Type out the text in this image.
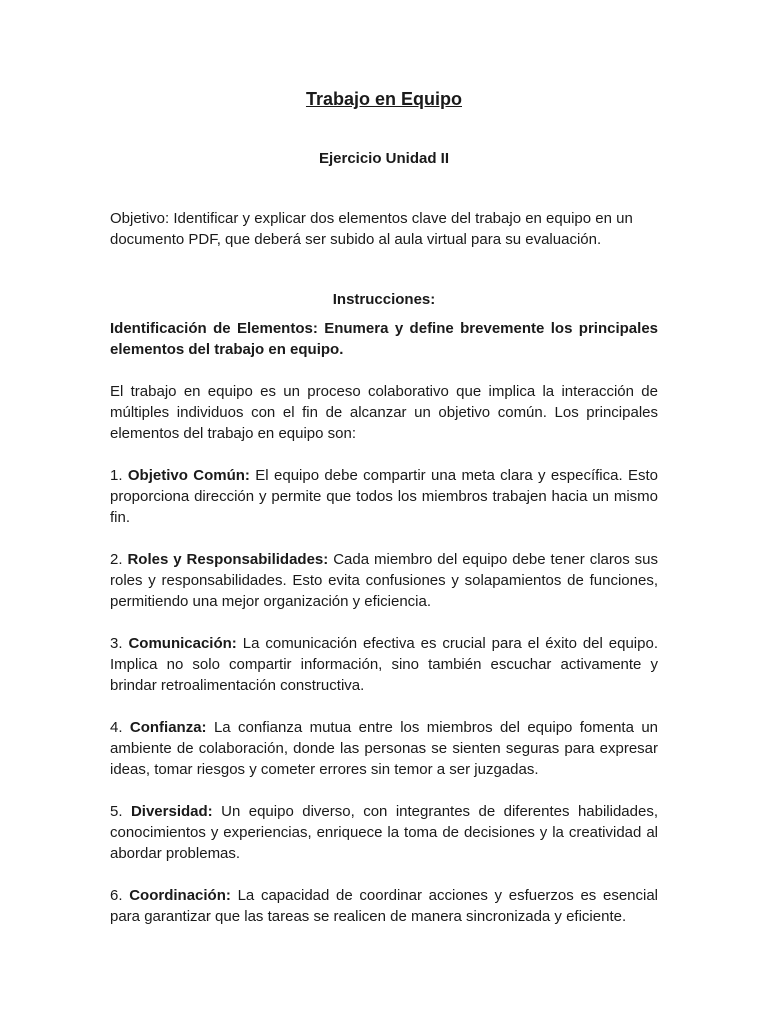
Trabajo en Equipo
Ejercicio Unidad II

Objetivo: Identificar y explicar dos elementos clave del trabajo en equipo en un documento PDF, que deberá ser subido al aula virtual para su evaluación.

Instrucciones:

Identificación de Elementos: Enumera y define brevemente los principales elementos del trabajo en equipo.

El trabajo en equipo es un proceso colaborativo que implica la interacción de múltiples individuos con el fin de alcanzar un objetivo común. Los principales elementos del trabajo en equipo son:

1. Objetivo Común: El equipo debe compartir una meta clara y específica. Esto proporciona dirección y permite que todos los miembros trabajen hacia un mismo fin.

2. Roles y Responsabilidades: Cada miembro del equipo debe tener claros sus roles y responsabilidades. Esto evita confusiones y solapamientos de funciones, permitiendo una mejor organización y eficiencia.

3. Comunicación: La comunicación efectiva es crucial para el éxito del equipo. Implica no solo compartir información, sino también escuchar activamente y brindar retroalimentación constructiva.

4. Confianza: La confianza mutua entre los miembros del equipo fomenta un ambiente de colaboración, donde las personas se sienten seguras para expresar ideas, tomar riesgos y cometer errores sin temor a ser juzgadas.

5. Diversidad: Un equipo diverso, con integrantes de diferentes habilidades, conocimientos y experiencias, enriquece la toma de decisiones y la creatividad al abordar problemas.

6. Coordinación: La capacidad de coordinar acciones y esfuerzos es esencial para garantizar que las tareas se realicen de manera sincronizada y eficiente.
